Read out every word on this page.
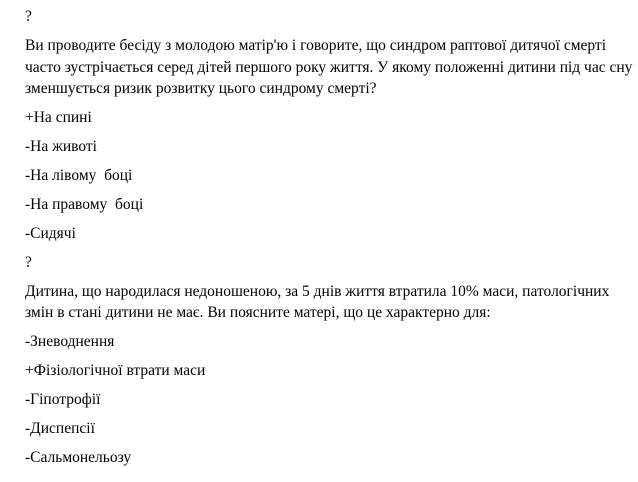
?

Ви проводите бесіду з молодою матір'ю і говорите, що синдром раптової дитячої смерті часто зустрічається серед дітей першого року життя. У якому положенні дитини під час сну зменшується ризик розвитку цього синдрому смерті?

+На спині

-На животі

-На лівому  боці

-На правому  боці

-Сидячі

?

Дитина, що народилася недоношеною, за 5 днів життя втратила 10% маси, патологічних змін в стані дитини не має. Ви поясните матері, що це характерно для:

-Зневоднення

+Фізіологічної втрати маси

-Гіпотрофії

-Диспепсії

-Сальмонельозу
